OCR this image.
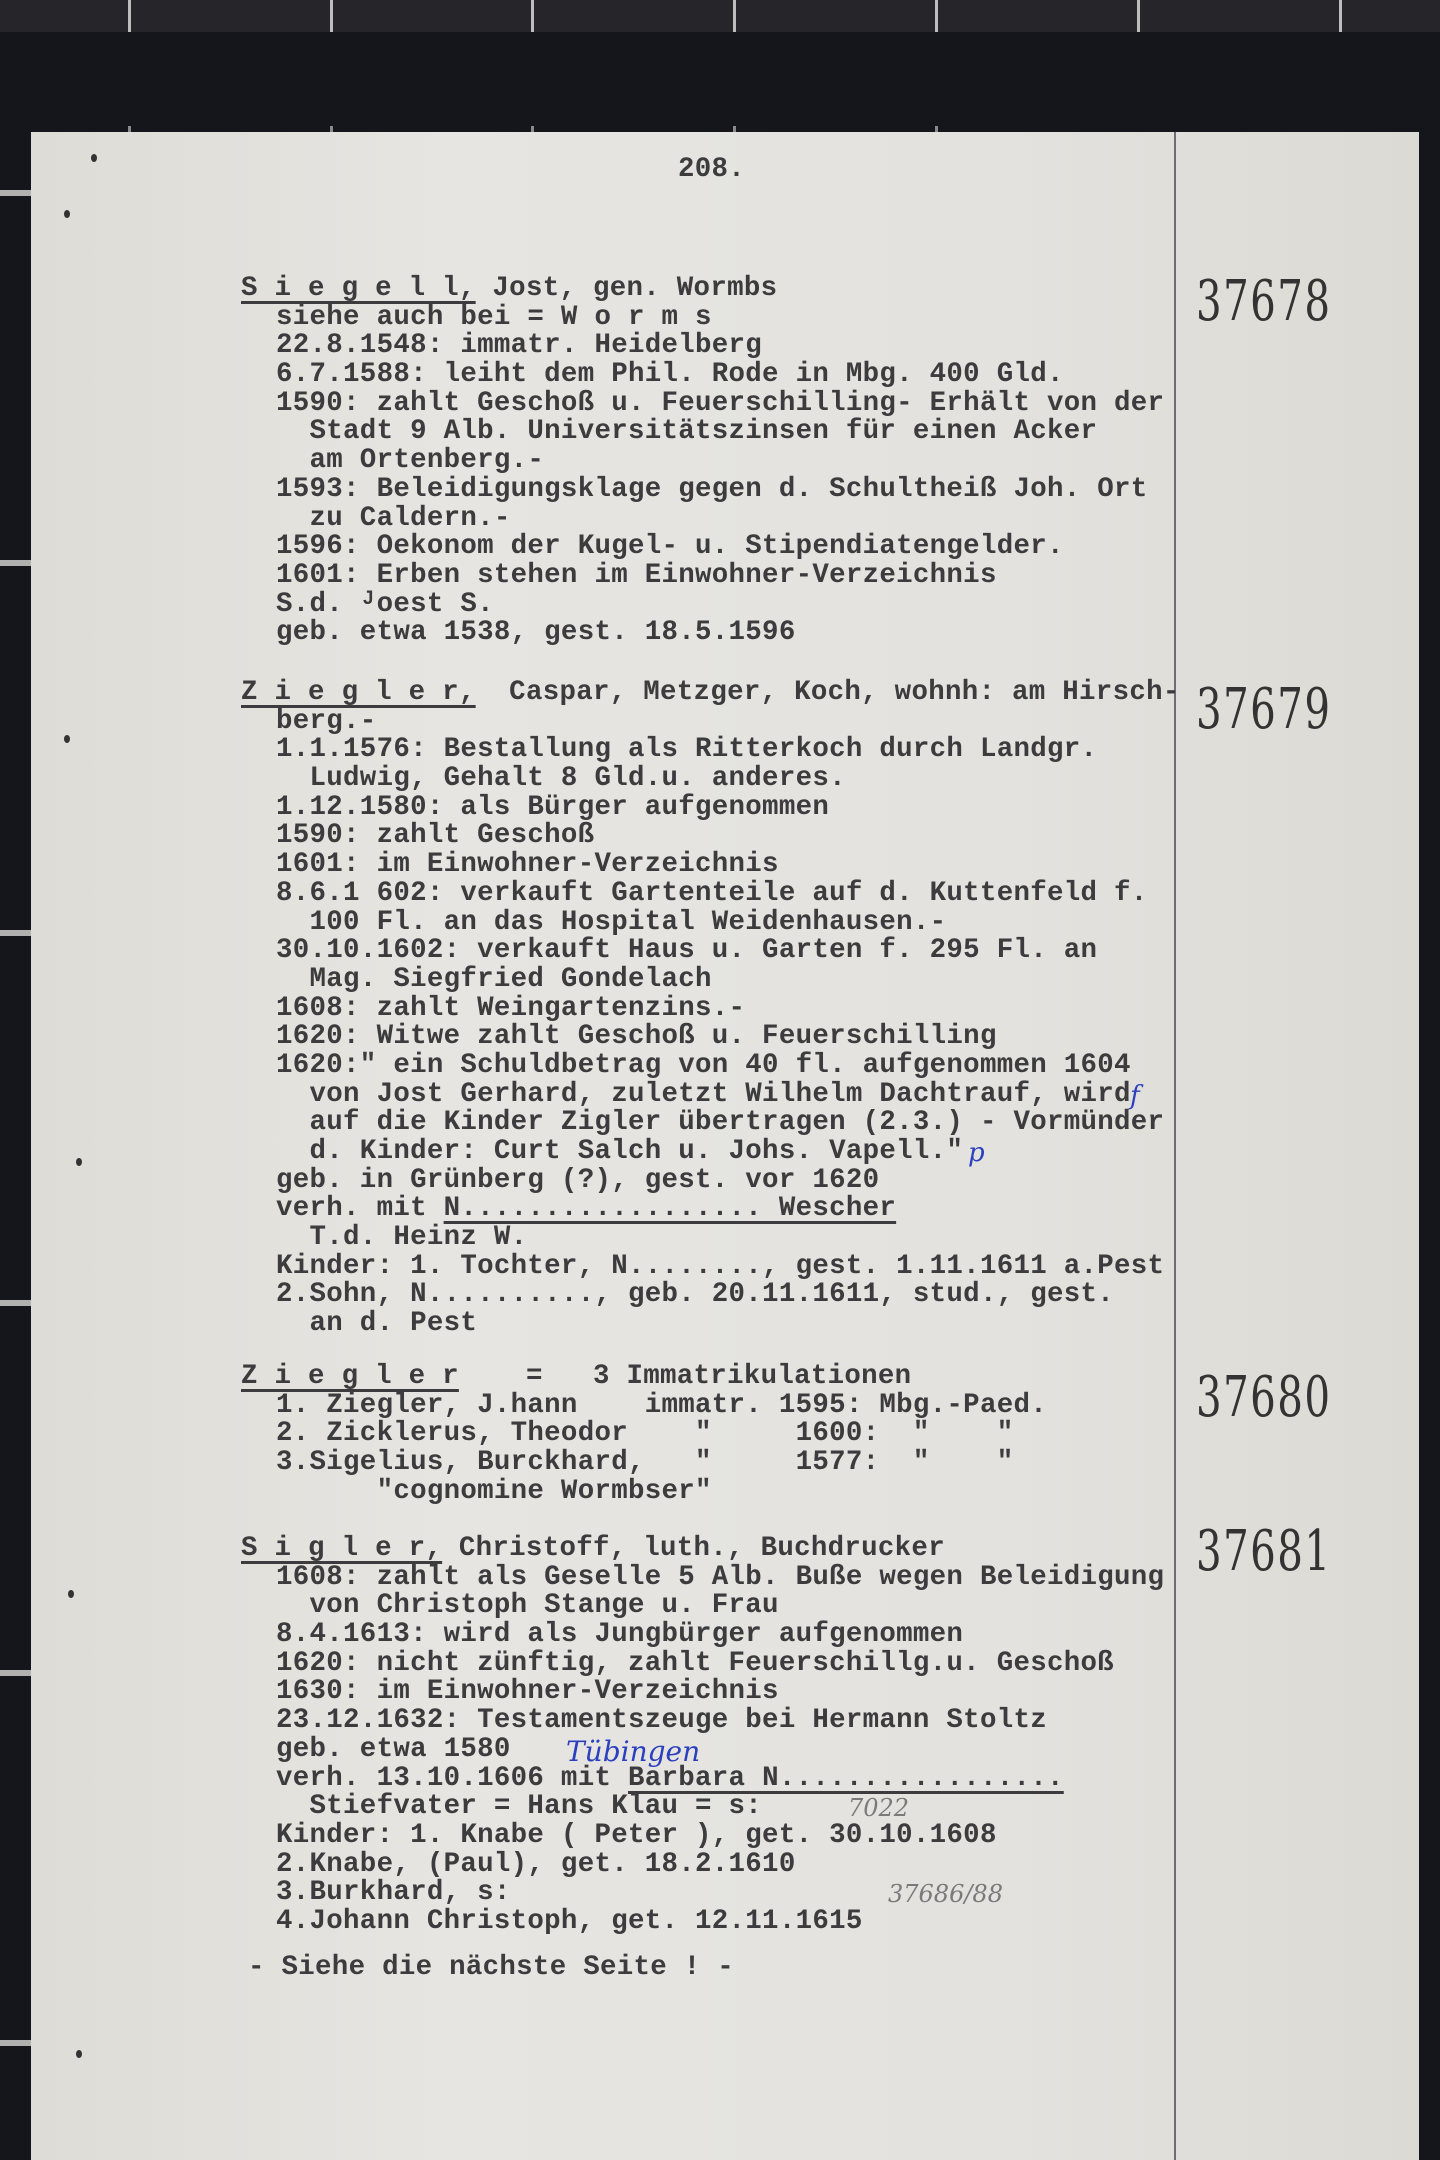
208.
S i e g e l l, Jost, gen. Wormbs
siehe auch bei = W o r m s
22.8.1548: immatr. Heidelberg
6.7.1588: leiht dem Phil. Rode in Mbg. 400 Gld.
1590: zahlt Geschoß u. Feuerschilling- Erhält von der
Stadt 9 Alb. Universitätszinsen für einen Acker
am Ortenberg.-
1593: Beleidigungsklage gegen d. Schultheiß Joh. Ort
zu Caldern.-
1596: Oekonom der Kugel- u. Stipendiatengelder.
1601: Erben stehen im Einwohner-Verzeichnis
S.d. ᴶoest S.
geb. etwa 1538, gest. 18.5.1596
37678
Z i e g l e r,  Caspar, Metzger, Koch, wohnh: am Hirsch-
berg.-
1.1.1576: Bestallung als Ritterkoch durch Landgr.
Ludwig, Gehalt 8 Gld.u. anderes.
1.12.1580: als Bürger aufgenommen
1590: zahlt Geschoß
1601: im Einwohner-Verzeichnis
8.6.1 602: verkauft Gartenteile auf d. Kuttenfeld f.
100 Fl. an das Hospital Weidenhausen.-
30.10.1602: verkauft Haus u. Garten f. 295 Fl. an
Mag. Siegfried Gondelach
1608: zahlt Weingartenzins.-
1620: Witwe zahlt Geschoß u. Feuerschilling
1620:" ein Schuldbetrag von 40 fl. aufgenommen 1604
von Jost Gerhard, zuletzt Wilhelm Dachtrauf, wird
auf die Kinder Zigler übertragen (2.3.) - Vormünder
d. Kinder: Curt Salch u. Johs. Vapell."
geb. in Grünberg (?), gest. vor 1620
verh. mit N.................. Wescher
T.d. Heinz W.
Kinder: 1. Tochter, N........, gest. 1.11.1611 a.Pest
2.Sohn, N.........., geb. 20.11.1611, stud., gest.
an d. Pest
37679
Z i e g l e r    =   3 Immatrikulationen
1. Ziegler, J.hann    immatr. 1595: Mbg.-Paed.
2. Zicklerus, Theodor    "     1600:  "    "
3.Sigelius, Burckhard,   "     1577:  "    "
"cognomine Wormbser"
37680
S i g l e r, Christoff, luth., Buchdrucker
1608: zahlt als Geselle 5 Alb. Buße wegen Beleidigung
von Christoph Stange u. Frau
8.4.1613: wird als Jungbürger aufgenommen
1620: nicht zünftig, zahlt Feuerschillg.u. Geschoß
1630: im Einwohner-Verzeichnis
23.12.1632: Testamentszeuge bei Hermann Stoltz
geb. etwa 1580
verh. 13.10.1606 mit Barbara N.................
Stiefvater = Hans Klau = s:
Kinder: 1. Knabe ( Peter ), get. 30.10.1608
2.Knabe, (Paul), get. 18.2.1610
3.Burkhard, s:
4.Johann Christoph, get. 12.11.1615
37681
- Siehe die nächste Seite ! -
f
p
Tübingen
7022
37686/88
